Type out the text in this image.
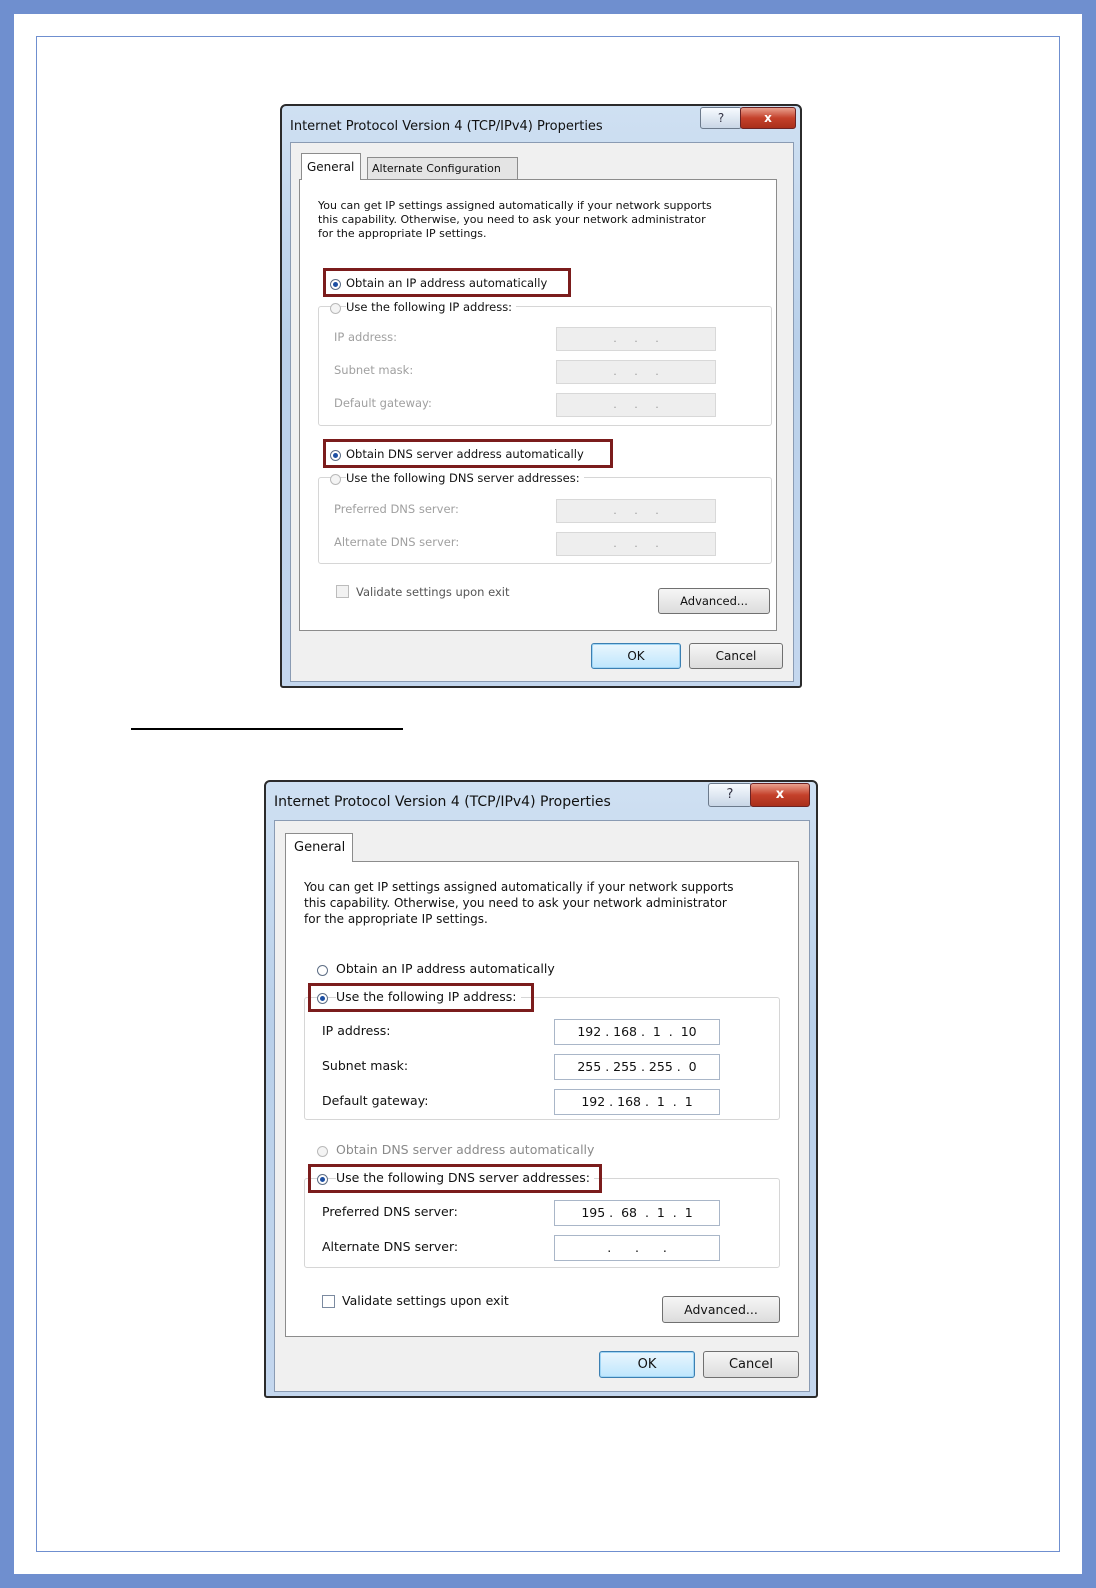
Internet Protocol Version 4 (TCP/IPv4) Properties
?	x
General Alternate Configuration
You can get IP settings assigned automatically if your network supports
this capability. Otherwise, you need to ask your network administrator
for the appropriate IP settings.
Obtain an IP address automatically
Use the following IP address:
IP address:	.     .     .
Subnet mask:	.     .     .
Default gateway:	.     .     .
Obtain DNS server address automatically
Use the following DNS server addresses:
Preferred DNS server:	.     .     .
Alternate DNS server:	.     .     .
Validate settings upon exit
Advanced...
OK	Cancel
Internet Protocol Version 4 (TCP/IPv4) Properties	?	x
General
You can get IP settings assigned automatically if your network supports
this capability. Otherwise, you need to ask your network administrator
for the appropriate IP settings.
Obtain an IP address automatically
Use the following IP address:
IP address:	192 . 168 .  1  .  10
Subnet mask:	255 . 255 . 255 .  0
Default gateway:	192 . 168 .  1  .  1
Obtain DNS server address automatically
Use the following DNS server addresses:
Preferred DNS server:	195 .  68  .  1  .  1
Alternate DNS server:	.      .      .
Validate settings upon exit
Advanced...
OK	Cancel
